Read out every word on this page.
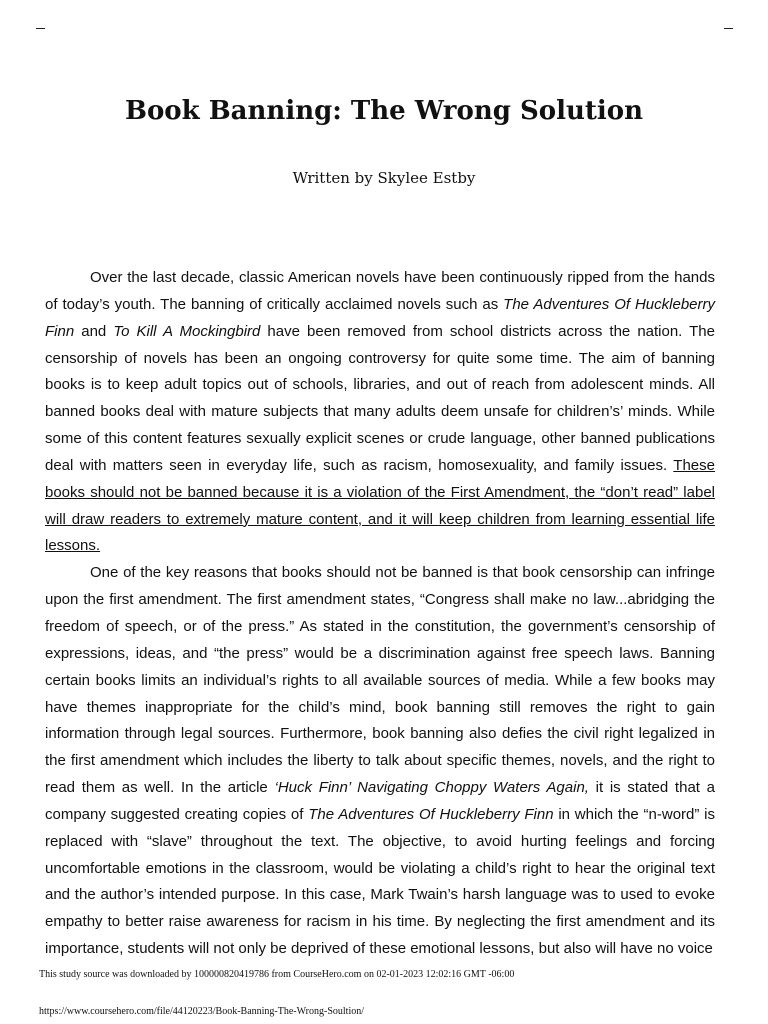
Book Banning: The Wrong Solution

Written by Skylee Estby

Over the last decade, classic American novels have been continuously ripped from the hands of today’s youth. The banning of critically acclaimed novels such as The Adventures Of Huckleberry Finn and To Kill A Mockingbird have been removed from school districts across the nation. The censorship of novels has been an ongoing controversy for quite some time. The aim of banning books is to keep adult topics out of schools, libraries, and out of reach from adolescent minds. All banned books deal with mature subjects that many adults deem unsafe for children’s’ minds. While some of this content features sexually explicit scenes or crude language, other banned publications deal with matters seen in everyday life, such as racism, homosexuality, and family issues. These books should not be banned because it is a violation of the First Amendment, the “don’t read” label will draw readers to extremely mature content, and it will keep children from learning essential life lessons.

One of the key reasons that books should not be banned is that book censorship can infringe upon the first amendment. The first amendment states, “Congress shall make no law...abridging the freedom of speech, or of the press.” As stated in the constitution, the government’s censorship of expressions, ideas, and “the press” would be a discrimination against free speech laws. Banning certain books limits an individual’s rights to all available sources of media. While a few books may have themes inappropriate for the child’s mind, book banning still removes the right to gain information through legal sources. Furthermore, book banning also defies the civil right legalized in the first amendment which includes the liberty to talk about specific themes, novels, and the right to read them as well. In the article ‘Huck Finn’ Navigating Choppy Waters Again, it is stated that a company suggested creating copies of The Adventures Of Huckleberry Finn in which the “n-word” is replaced with “slave” throughout the text. The objective, to avoid hurting feelings and forcing uncomfortable emotions in the classroom, would be violating a child’s right to hear the original text and the author’s intended purpose. In this case, Mark Twain’s harsh language was to used to evoke empathy to better raise awareness for racism in his time. By neglecting the first amendment and its importance, students will not only be deprived of these emotional lessons, but also will have no voice

This study source was downloaded by 100000820419786 from CourseHero.com on 02-01-2023 12:02:16 GMT -06:00
https://www.coursehero.com/file/44120223/Book-Banning-The-Wrong-Soultion/
